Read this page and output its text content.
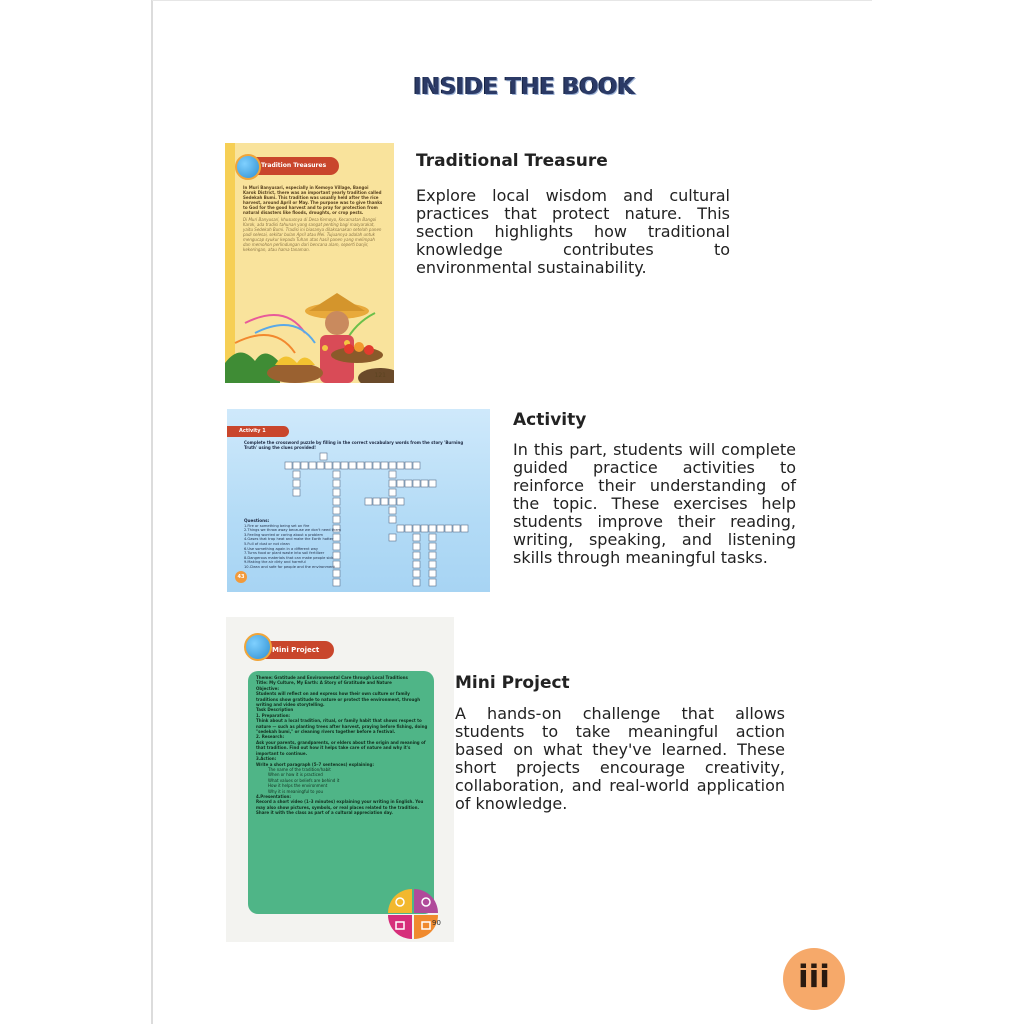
INSIDE THE BOOK
Tradition Treasures
In Muri Banyusari, especially in Kemoyo Village, Bangoi Karok District, there was an important yearly tradition called Sedekah Bumi. This tradition was usually held after the rice harvest, around April or May. The purpose was to give thanks to God for the good harvest and to pray for protection from natural disasters like floods, droughts, or crop pests.
Di Muri Banyusari, khususnya di Desa Kemoyo, Kecamatan Bangoi Karok, ada tradisi tahunan yang sangat penting bagi masyarakat, yaitu Sedekah Bumi. Tradisi ini biasanya dilaksanakan setelah panen padi selesai, sekitar bulan April atau Mei. Tujuannya adalah untuk mengucap syukur kepada Tuhan atas hasil panen yang melimpah dan memohon perlindungan dari bencana alam, seperti banjir, kekeringan, atau hama tanaman.
121
Traditional Treasure
Explore local wisdom and cultural practices that protect nature. This section highlights how traditional knowledge contributes to environmental sustainability.
Activity 1
Complete the crossword puzzle by filling in the correct vocabulary words from the story 'Burning Truth' using the clues provided!
Questions:
1.Fire or something being set on fire
2.Things we throw away because we don't need them
3.Feeling worried or caring about a problem
4.Gases that trap heat and make the Earth hotter
5.Full of dust or not clean
6.Use something again in a different way
7.Turns food or plant waste into soil fertilizer
8.Dangerous materials that can make people sick
9.Making the air dirty and harmful
10.Clean and safe for people and the environment
43
Activity
In this part, students will complete guided practice activities to reinforce their understanding of the topic. These exercises help students improve their reading, writing, speaking, and listening skills through meaningful tasks.
Mini Project
Theme: Gratitude and Environmental Care through Local Traditions
Title: My Culture, My Earth: A Story of Gratitude and Nature
Objective:
Students will reflect on and express how their own culture or family traditions show gratitude to nature or protect the environment, through writing and video storytelling.
Task Description
1. Preparation:
Think about a local tradition, ritual, or family habit that shows respect to nature — such as planting trees after harvest, praying before fishing, doing "sedekah bumi," or cleaning rivers together before a festival.
2. Research:
Ask your parents, grandparents, or elders about the origin and meaning of that tradition. Find out how it helps take care of nature and why it's important to continue.
3.Action:
Write a short paragraph (5–7 sentences) explaining:
The name of the tradition/habit
When or how it is practiced
What values or beliefs are behind it
How it helps the environment
Why it is meaningful to you
4.Presentation:
Record a short video (1–3 minutes) explaining your writing in English. You may also show pictures, symbols, or real places related to the tradition. Share it with the class as part of a cultural appreciation day.
90
Mini Project
A hands-on challenge that allows students to take meaningful action based on what they've learned. These short projects encourage creativity, collaboration, and real-world application of knowledge.
iii
